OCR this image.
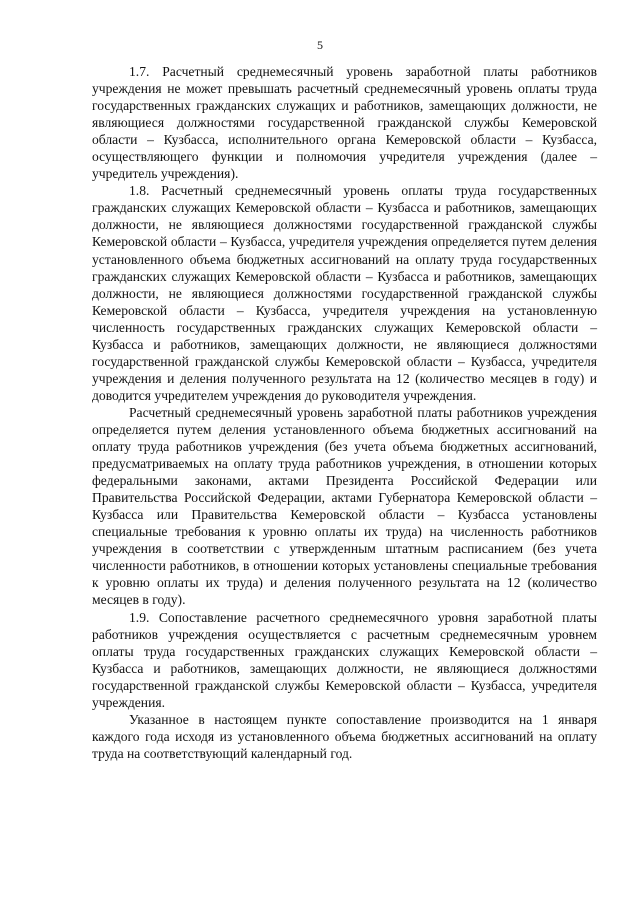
5

1.7. Расчетный среднемесячный уровень заработной платы работников учреждения не может превышать расчетный среднемесячный уровень оплаты труда государственных гражданских служащих и работников, замещающих должности, не являющиеся должностями государственной гражданской службы Кемеровской области – Кузбасса, исполнительного органа Кемеровской области – Кузбасса, осуществляющего функции и полномочия учредителя учреждения (далее – учредитель учреждения).

1.8. Расчетный среднемесячный уровень оплаты труда государственных гражданских служащих Кемеровской области – Кузбасса и работников, замещающих должности, не являющиеся должностями государственной гражданской службы Кемеровской области – Кузбасса, учредителя учреждения определяется путем деления установленного объема бюджетных ассигнований на оплату труда государственных гражданских служащих Кемеровской области – Кузбасса и работников, замещающих должности, не являющиеся должностями государственной гражданской службы Кемеровской области – Кузбасса, учредителя учреждения на установленную численность государственных гражданских служащих Кемеровской области – Кузбасса и работников, замещающих должности, не являющиеся должностями государственной гражданской службы Кемеровской области – Кузбасса, учредителя учреждения и деления полученного результата на 12 (количество месяцев в году) и доводится учредителем учреждения до руководителя учреждения.

Расчетный среднемесячный уровень заработной платы работников учреждения определяется путем деления установленного объема бюджетных ассигнований на оплату труда работников учреждения (без учета объема бюджетных ассигнований, предусматриваемых на оплату труда работников учреждения, в отношении которых федеральными законами, актами Президента Российской Федерации или Правительства Российской Федерации, актами Губернатора Кемеровской области – Кузбасса или Правительства Кемеровской области – Кузбасса установлены специальные требования к уровню оплаты их труда) на численность работников учреждения в соответствии с утвержденным штатным расписанием (без учета численности работников, в отношении которых установлены специальные требования к уровню оплаты их труда) и деления полученного результата на 12 (количество месяцев в году).

1.9. Сопоставление расчетного среднемесячного уровня заработной платы работников учреждения осуществляется с расчетным среднемесячным уровнем оплаты труда государственных гражданских служащих Кемеровской области – Кузбасса и работников, замещающих должности, не являющиеся должностями государственной гражданской службы Кемеровской области – Кузбасса, учредителя учреждения.

Указанное в настоящем пункте сопоставление производится на 1 января каждого года исходя из установленного объема бюджетных ассигнований на оплату труда на соответствующий календарный год.
